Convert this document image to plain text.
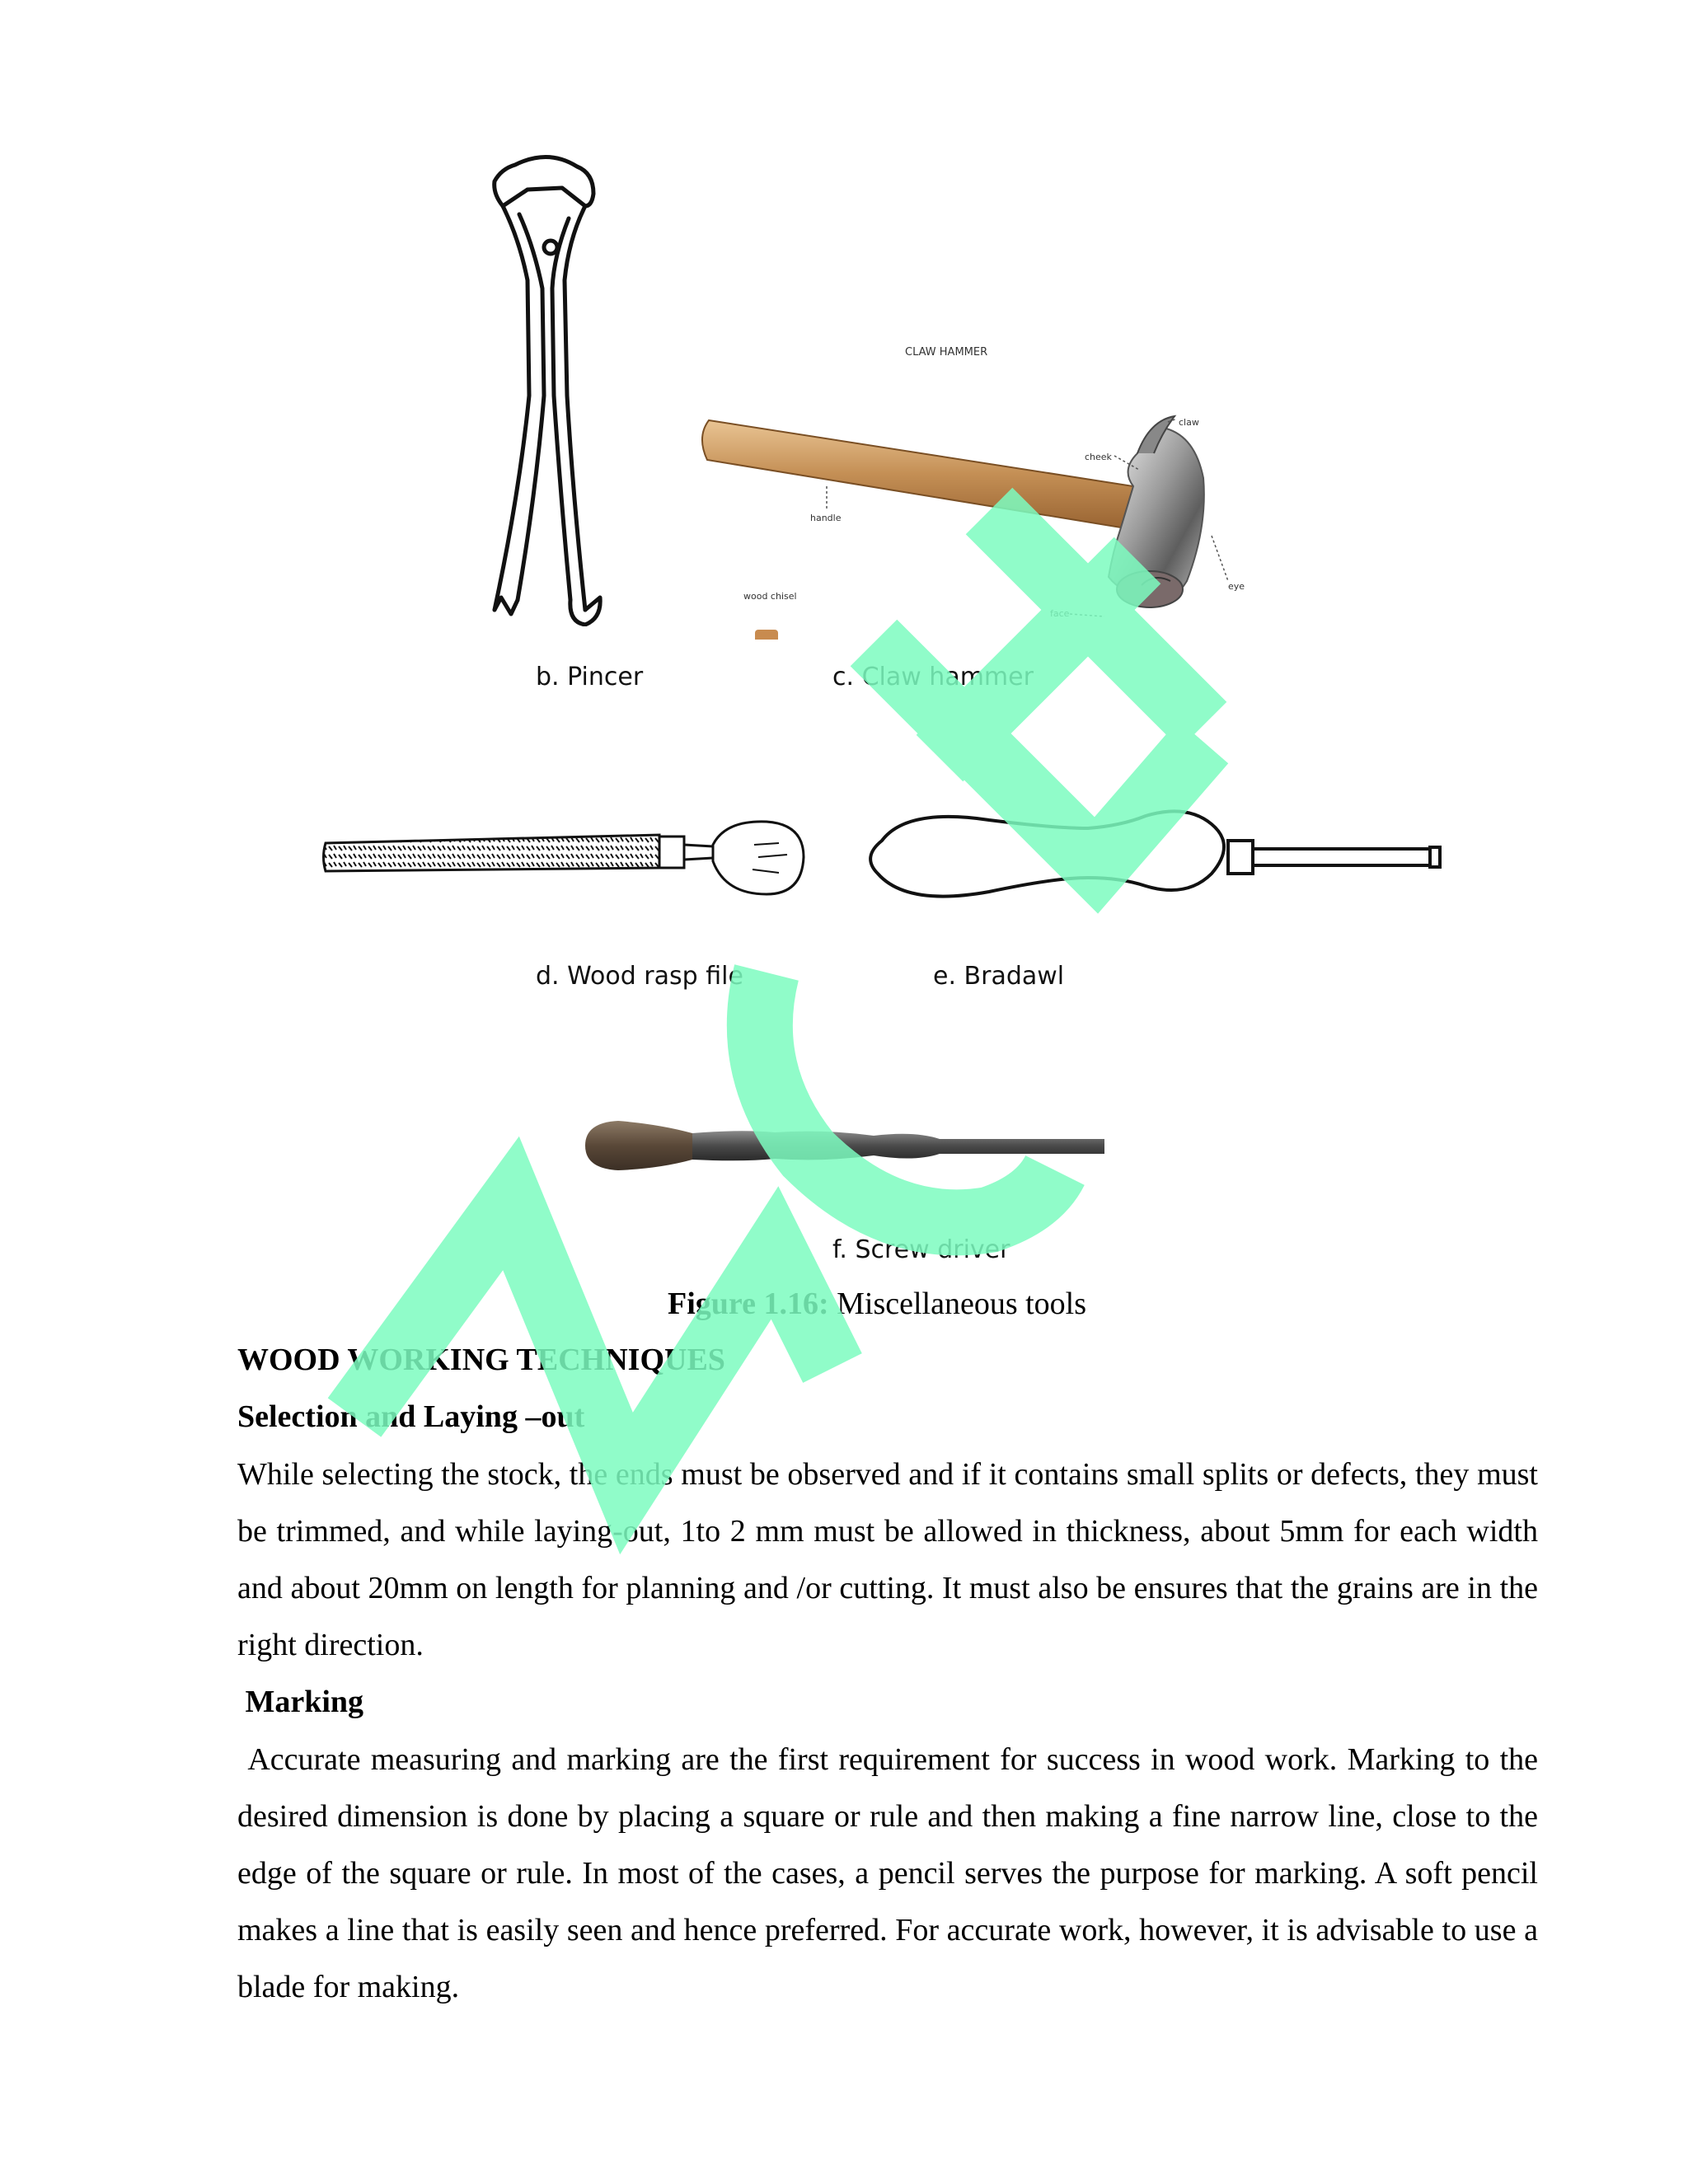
CLAW HAMMER
claw
cheek
handle
eye
face
wood chisel
b. Pincer	c. Claw hammer
d. Wood rasp file	e. Bradawl
f. Screw driver
Figure 1.16: Miscellaneous tools
WOOD WORKING TECHNIQUES
Selection and Laying –out
While selecting the stock, the ends must be observed and if it contains small splits or defects, they must be trimmed, and while laying-out, 1to 2 mm must be allowed in thickness, about 5mm for each width and about 20mm on length for planning and /or cutting. It must also be ensures that the grains are in the right direction.
Marking
Accurate measuring and marking are the first requirement for success in wood work. Marking to the desired dimension is done by placing a square or rule and then making a fine narrow line, close to the edge of the square or rule. In most of the cases, a pencil serves the purpose for marking. A soft pencil makes a line that is easily seen and hence preferred. For accurate work, however, it is advisable to use a blade for making.
